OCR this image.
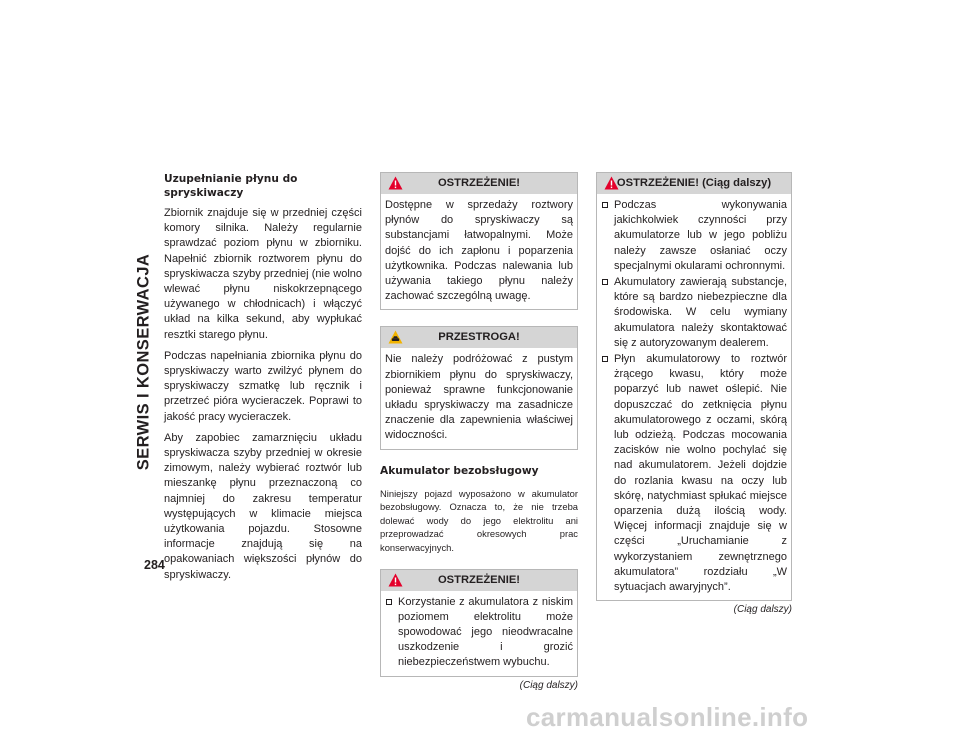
SERWIS I KONSERWACJA
284
Uzupełnianie płynu do spryskiwaczy

Zbiornik znajduje się w przedniej części komory silnika. Należy regularnie sprawdzać poziom płynu w zbiorniku. Napełnić zbiornik roztworem płynu do spryskiwacza szyby przedniej (nie wolno wlewać płynu niskokrzepnącego używanego w chłodnicach) i włączyć układ na kilka sekund, aby wypłukać resztki starego płynu.

Podczas napełniania zbiornika płynu do spryskiwaczy warto zwilżyć płynem do spryskiwaczy szmatkę lub ręcznik i przetrzeć pióra wycieraczek. Poprawi to jakość pracy wycieraczek.

Aby zapobiec zamarznięciu układu spryskiwacza szyby przedniej w okresie zimowym, należy wybierać roztwór lub mieszankę płynu przeznaczoną co najmniej do zakresu temperatur występujących w klimacie miejsca użytkowania pojazdu. Stosowne informacje znajdują się na opakowaniach większości płynów do spryskiwaczy.

OSTRZEŻENIE!

Dostępne w sprzedaży roztwory płynów do spryskiwaczy są substancjami łatwopalnymi. Może dojść do ich zapłonu i poparzenia użytkownika. Podczas nalewania lub używania takiego płynu należy zachować szczególną uwagę.

PRZESTROGA!

Nie należy podróżować z pustym zbiornikiem płynu do spryskiwaczy, ponieważ sprawne funkcjonowanie układu spryskiwaczy ma zasadnicze znaczenie dla zapewnienia właściwej widoczności.

Akumulator bezobsługowy

Niniejszy pojazd wyposażono w akumulator bezobsługowy. Oznacza to, że nie trzeba dolewać wody do jego elektrolitu ani przeprowadzać okresowych prac konserwacyjnych.

OSTRZEŻENIE!

Korzystanie z akumulatora z niskim poziomem elektrolitu może spowodować jego nieodwracalne uszkodzenie i grozić niebezpieczeństwem wybuchu.

(Ciąg dalszy)
OSTRZEŻENIE! (Ciąg dalszy)

Podczas wykonywania jakichkolwiek czynności przy akumulatorze lub w jego pobliżu należy zawsze osłaniać oczy specjalnymi okularami ochronnymi.

Akumulatory zawierają substancje, które są bardzo niebezpieczne dla środowiska. W celu wymiany akumulatora należy skontaktować się z autoryzowanym dealerem.

Płyn akumulatorowy to roztwór żrącego kwasu, który może poparzyć lub nawet oślepić. Nie dopuszczać do zetknięcia płynu akumulatorowego z oczami, skórą lub odzieżą. Podczas mocowania zacisków nie wolno pochylać się nad akumulatorem. Jeżeli dojdzie do rozlania kwasu na oczy lub skórę, natychmiast spłukać miejsce oparzenia dużą ilością wody. Więcej informacji znajduje się w części „Uruchamianie z wykorzystaniem zewnętrznego akumulatora” rozdziału „W sytuacjach awaryjnych”.

(Ciąg dalszy)
carmanualsonline.info
